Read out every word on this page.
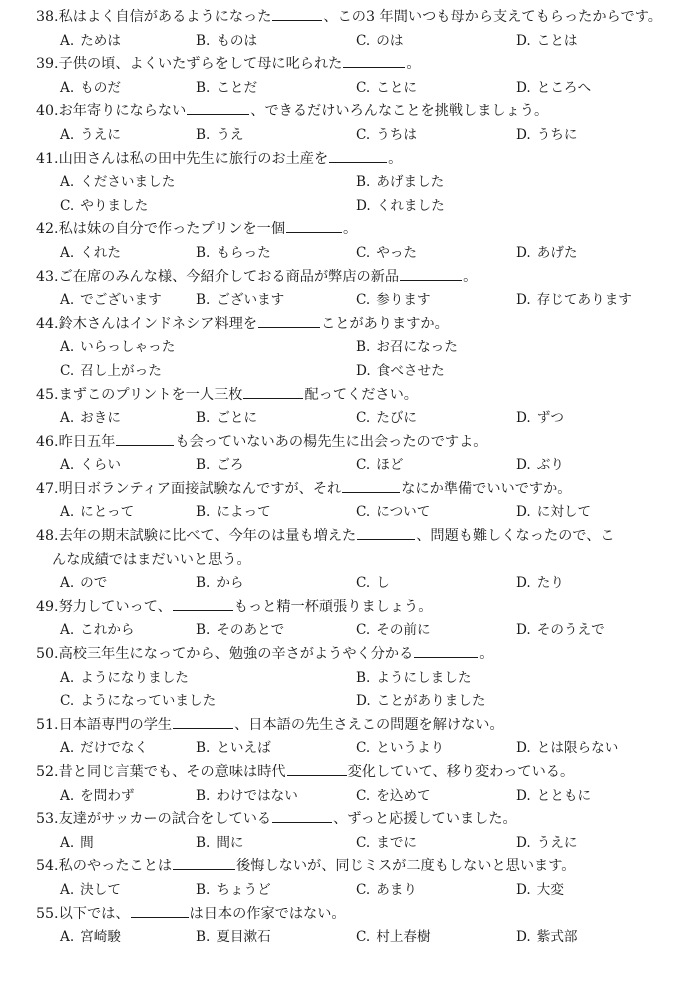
38.私はよく自信があるようになった	、この3 年間いつも母から支えてもらったからです。
A. ためは	B. ものは	C. のは	D. ことは
39.子供の頃、よくいたずらをして母に叱られた	。
A. ものだ	B. ことだ	C. ことに	D. ところへ
40.お年寄りにならない	、できるだけいろんなことを挑戦しましょう。
A. うえに	B. うえ	C. うちは	D. うちに
41.山田さんは私の田中先生に旅行のお土産を	。
A. くださいました	B. あげました
C. やりました	D. くれました
42.私は妹の自分で作ったプリンを一個	。
A. くれた	B. もらった	C. やった	D. あげた
43.ご在席のみんな様、今紹介しておる商品が弊店の新品	。
A. でございます	B. ございます	C. 参ります	D. 存じてあります
44.鈴木さんはインドネシア料理を	ことがありますか。
A. いらっしゃった	B. お召になった
C. 召し上がった	D. 食べさせた
45.まずこのプリントを一人三枚	配ってください。
A. おきに	B. ごとに	C. たびに	D. ずつ
46.昨日五年	も会っていないあの楊先生に出会ったのですよ。
A. くらい	B. ごろ	C. ほど	D. ぶり
47.明日ボランティア面接試験なんですが、それ	なにか準備でいいですか。
A. にとって	B. によって	C. について	D. に対して
48.去年の期末試験に比べて、今年のは量も増えた	、問題も難しくなったので、こ
んな成績ではまだいいと思う。
A. ので	B. から	C. し	D. たり
49.努力していって、	もっと精一杯頑張りましょう。
A. これから	B. そのあとで	C. その前に	D. そのうえで
50.高校三年生になってから、勉強の辛さがようやく分かる	。
A. ようになりました	B. ようにしました
C. ようになっていました	D. ことがありました
51.日本語専門の学生	、日本語の先生さえこの問題を解けない。
A. だけでなく	B. といえば	C. というより	D. とは限らない
52.昔と同じ言葉でも、その意味は時代	変化していて、移り変わっている。
A. を問わず	B. わけではない	C. を込めて	D. とともに
53.友達がサッカーの試合をしている	、ずっと応援していました。
A. 間	B. 間に	C. までに	D. うえに
54.私のやったことは	後悔しないが、同じミスが二度もしないと思います。
A. 決して	B. ちょうど	C. あまり	D. 大変
55.以下では、	は日本の作家ではない。
A. 宮崎駿	B. 夏目漱石	C. 村上春樹	D. 紫式部
